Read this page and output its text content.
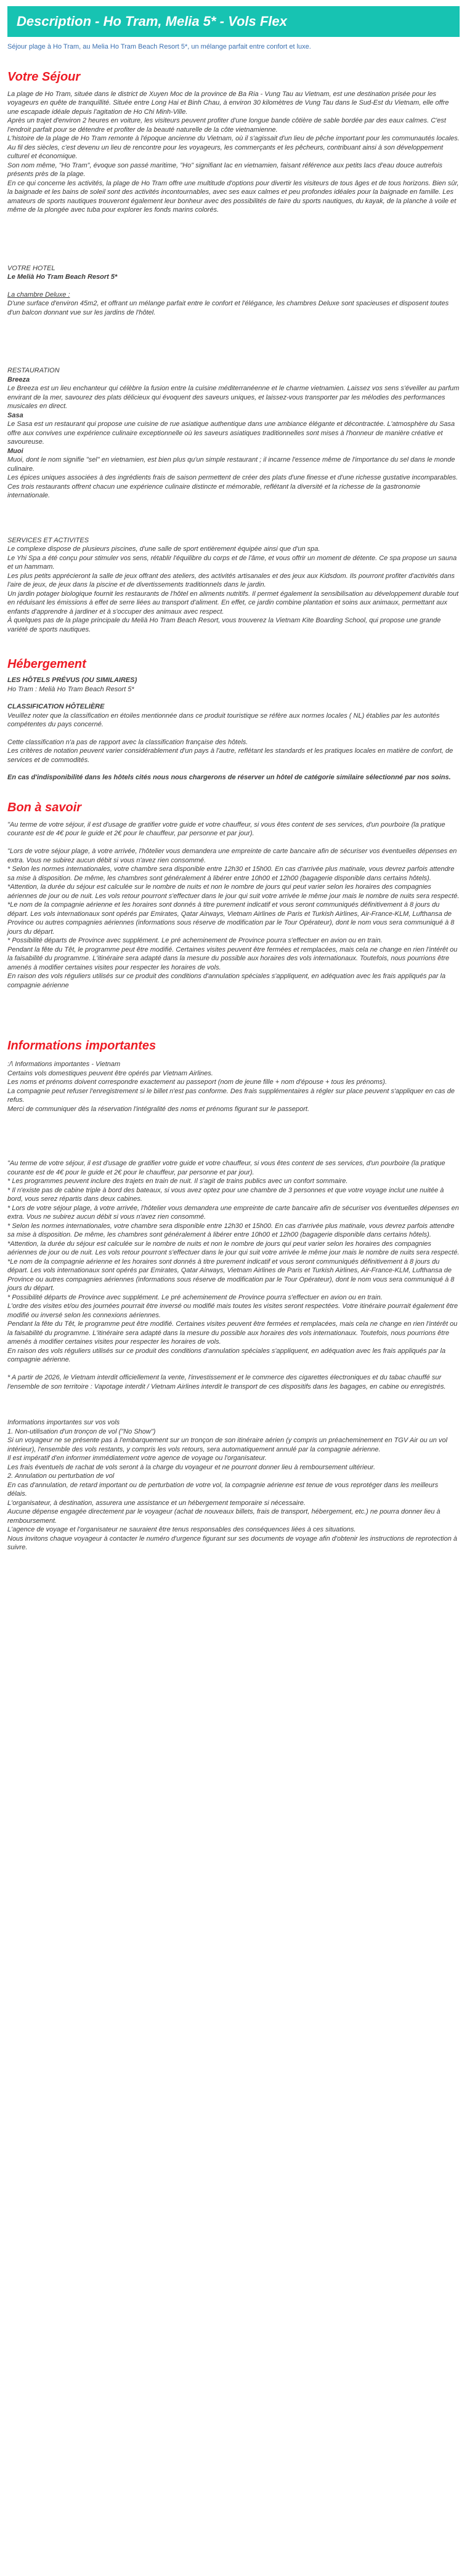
Description - Ho Tram, Melia 5* - Vols Flex

Séjour plage à Ho Tram, au Melia Ho Tram Beach Resort 5*, un mélange parfait entre confort et luxe.

Votre Séjour

La plage de Ho Tram, située dans le district de Xuyen Moc de la province de Ba Ria - Vung Tau au Vietnam, est une destination prisée pour les voyageurs en quête de tranquillité. Située entre Long Hai et Binh Chau, à environ 30 kilomètres de Vung Tau dans le Sud-Est du Vietnam, elle offre une escapade idéale depuis l'agitation de Ho Chi Minh-Ville.

Après un trajet d'environ 2 heures en voiture, les visiteurs peuvent profiter d'une longue bande côtière de sable bordée par des eaux calmes. C'est l'endroit parfait pour se détendre et profiter de la beauté naturelle de la côte vietnamienne.

L'histoire de la plage de Ho Tram remonte à l'époque ancienne du Vietnam, où il s'agissait d'un lieu de pêche important pour les communautés locales. Au fil des siècles, c'est devenu un lieu de rencontre pour les voyageurs, les commerçants et les pêcheurs, contribuant ainsi à son développement culturel et économique.

Son nom même, "Ho Tram", évoque son passé maritime, "Ho" signifiant lac en vietnamien, faisant référence aux petits lacs d'eau douce autrefois présents près de la plage.

En ce qui concerne les activités, la plage de Ho Tram offre une multitude d'options pour divertir les visiteurs de tous âges et de tous horizons. Bien sûr, la baignade et les bains de soleil sont des activités incontournables, avec ses eaux calmes et peu profondes idéales pour la baignade en famille. Les amateurs de sports nautiques trouveront également leur bonheur avec des possibilités de faire du sports nautiques, du kayak, de la planche à voile et même de la plongée avec tuba pour explorer les fonds marins colorés.

VOTRE HOTEL

Le Melià Ho Tram Beach Resort 5*

La chambre Deluxe :

D'une surface d'environ 45m2, et offrant un mélange parfait entre le confort et l'élégance, les chambres Deluxe sont spacieuses et disposent toutes d'un balcon donnant vue sur les jardins de l'hôtel.

RESTAURATION

Breeza

Le Breeza est un lieu enchanteur qui célèbre la fusion entre la cuisine méditerranéenne et le charme vietnamien. Laissez vos sens s'éveiller au parfum envirant de la mer, savourez des plats délicieux qui évoquent des saveurs uniques, et laissez-vous transporter par les mélodies des performances musicales en direct.

Sasa

Le Sasa est un restaurant qui propose une cuisine de rue asiatique authentique dans une ambiance élégante et décontractée. L'atmosphère du Sasa offre aux convives une expérience culinaire exceptionnelle où les saveurs asiatiques traditionnelles sont mises à l'honneur de manière créative et savoureuse.

Muoi

Muoi, dont le nom signifie "sel" en vietnamien, est bien plus qu'un simple restaurant ; il incarne l'essence même de l'importance du sel dans le monde culinaire.
Les épices uniques associées à des ingrédients frais de saison permettent de créer des plats d'une finesse et d'une richesse gustative incomparables.
Ces trois restaurants offrent chacun une expérience culinaire distincte et mémorable, reflétant la diversité et la richesse de la gastronomie internationale.

SERVICES ET ACTIVITES

Le complexe dispose de plusieurs piscines, d'une salle de sport entièrement équipée ainsi que d'un spa.
Le Yhi Spa a été conçu pour stimuler vos sens, rétablir l'équilibre du corps et de l'âme, et vous offrir un moment de détente. Ce spa propose un sauna et un hammam.
Les plus petits apprécieront la salle de jeux offrant des ateliers, des activités artisanales et des jeux aux Kidsdom. Ils pourront profiter d'activités dans l'aire de jeux, de jeux dans la piscine et de divertissements traditionnels dans le jardin.
Un jardin potager biologique fournit les restaurants de l'hôtel en aliments nutritifs. Il permet également la sensibilisation au développement durable tout en réduisant les émissions à effet de serre liées au transport d'aliment. En effet, ce jardin combine plantation et soins aux animaux, permettant aux enfants d'apprendre à jardiner et à s'occuper des animaux avec respect.
À quelques pas de la plage principale du Melià Ho Tram Beach Resort, vous trouverez la Vietnam Kite Boarding School, qui propose une grande variété de sports nautiques.

Hébergement

LES HÔTELS PRÉVUS (OU SIMILAIRES)

Ho Tram : Melià Ho Tram Beach Resort 5*

CLASSIFICATION HÔTELIÈRE

Veuillez noter que la classification en étoiles mentionnée dans ce produit touristique se réfère aux normes locales ( NL) établies par les autorités compétentes du pays concerné.

Cette classification n'a pas de rapport avec la classification française des hôtels.
Les critères de notation peuvent varier considérablement d'un pays à l'autre, reflétant les standards et les pratiques locales en matière de confort, de services et de commodités.

En cas d'indisponibilité dans les hôtels cités nous nous chargerons de réserver un hôtel de catégorie similaire sélectionné par nos soins.

Bon à savoir

"Au terme de votre séjour, il est d'usage de gratifier votre guide et votre chauffeur, si vous êtes content de ses services, d'un pourboire (la pratique courante est de 4€ pour le guide et 2€ pour le chauffeur, par personne et par jour).

"Lors de votre séjour plage, à votre arrivée, l'hôtelier vous demandera une empreinte de carte bancaire afin de sécuriser vos éventuelles dépenses en extra. Vous ne subirez aucun débit si vous n'avez rien consommé.
* Selon les normes internationales, votre chambre sera disponible entre 12h30 et 15h00. En cas d'arrivée plus matinale, vous devrez parfois attendre sa mise à disposition. De même, les chambres sont généralement à libérer entre 10h00 et 12h00 (bagagerie disponible dans certains hôtels).
*Attention, la durée du séjour est calculée sur le nombre de nuits et non le nombre de jours qui peut varier selon les horaires des compagnies aériennes de jour ou de nuit. Les vols retour pourront s'effectuer dans le jour qui suit votre arrivée le même jour mais le nombre de nuits sera respecté.
*Le nom de la compagnie aérienne et les horaires sont donnés à titre purement indicatif et vous seront communiqués définitivement à 8 jours du départ. Les vols internationaux sont opérés par Emirates, Qatar Airways, Vietnam Airlines de Paris et Turkish Airlines, Air-France-KLM, Lufthansa de Province ou autres compagnies aériennes (informations sous réserve de modification par le Tour Opérateur), dont le nom vous sera communiqué à 8 jours du départ.
* Possibilité départs de Province avec supplément. Le pré acheminement de Province pourra s'effectuer en avion ou en train.
Pendant la fête du Têt, le programme peut être modifié. Certaines visites peuvent être fermées et remplacées, mais cela ne change en rien l'intérêt ou la faisabilité du programme. L'itinéraire sera adapté dans la mesure du possible aux horaires des vols internationaux. Toutefois, nous pourrions être amenés à modifier certaines visites pour respecter les horaires de vols.
En raison des vols réguliers utilisés sur ce produit des conditions d'annulation spéciales s'appliquent, en adéquation avec les frais appliqués par la compagnie aérienne

Informations importantes

:/\ Informations importantes - Vietnam
Certains vols domestiques peuvent être opérés par Vietnam Airlines.
Les noms et prénoms doivent correspondre exactement au passeport (nom de jeune fille + nom d'épouse + tous les prénoms).
La compagnie peut refuser l'enregistrement si le billet n'est pas conforme. Des frais supplémentaires à régler sur place peuvent s'appliquer en cas de refus.
Merci de communiquer dès la réservation l'intégralité des noms et prénoms figurant sur le passeport.

"Au terme de votre séjour, il est d'usage de gratifier votre guide et votre chauffeur, si vous êtes content de ses services, d'un pourboire (la pratique courante est de 4€ pour le guide et 2€ pour le chauffeur, par personne et par jour).
* Les programmes peuvent inclure des trajets en train de nuit. Il s'agit de trains publics avec un confort sommaire.
* Il n'existe pas de cabine triple à bord des bateaux, si vous avez optez pour une chambre de 3 personnes et que votre voyage inclut une nuitée à bord, vous serez répartis dans deux cabines.
* Lors de votre séjour plage, à votre arrivée, l'hôtelier vous demandera une empreinte de carte bancaire afin de sécuriser vos éventuelles dépenses en extra. Vous ne subirez aucun débit si vous n'avez rien consommé.
* Selon les normes internationales, votre chambre sera disponible entre 12h30 et 15h00. En cas d'arrivée plus matinale, vous devrez parfois attendre sa mise à disposition. De même, les chambres sont généralement à libérer entre 10h00 et 12h00 (bagagerie disponible dans certains hôtels).
*Attention, la durée du séjour est calculée sur le nombre de nuits et non le nombre de jours qui peut varier selon les horaires des compagnies aériennes de jour ou de nuit. Les vols retour pourront s'effectuer dans le jour qui suit votre arrivée le même jour mais le nombre de nuits sera respecté.
*Le nom de la compagnie aérienne et les horaires sont donnés à titre purement indicatif et vous seront communiqués définitivement à 8 jours du départ. Les vols internationaux sont opérés par Emirates, Qatar Airways, Vietnam Airlines de Paris et Turkish Airlines, Air-France-KLM, Lufthansa de Province ou autres compagnies aériennes (informations sous réserve de modification par le Tour Opérateur), dont le nom vous sera communiqué à 8 jours du départ.
* Possibilité départs de Province avec supplément. Le pré acheminement de Province pourra s'effectuer en avion ou en train.
L'ordre des visites et/ou des journées pourrait être inversé ou modifié mais toutes les visites seront respectées. Votre itinéraire pourrait également être modifié ou inversé selon les connexions aériennes.
Pendant la fête du Têt, le programme peut être modifié. Certaines visites peuvent être fermées et remplacées, mais cela ne change en rien l'intérêt ou la faisabilité du programme. L'itinéraire sera adapté dans la mesure du possible aux horaires des vols internationaux. Toutefois, nous pourrions être amenés à modifier certaines visites pour respecter les horaires de vols.
En raison des vols réguliers utilisés sur ce produit des conditions d'annulation spéciales s'appliquent, en adéquation avec les frais appliqués par la compagnie aérienne.

* A partir de 2026, le Vietnam interdit officiellement la vente, l'investissement et le commerce des cigarettes électroniques et du tabac chauffé sur l'ensemble de son territoire : Vapotage interdit / Vietnam Airlines interdit le transport de ces dispositifs dans les bagages, en cabine ou enregistrés.

Informations importantes sur vos vols
1. Non-utilisation d'un tronçon de vol ("No Show")
Si un voyageur ne se présente pas à l'embarquement sur un tronçon de son itinéraire aérien (y compris un préacheminement en TGV Air ou un vol intérieur), l'ensemble des vols restants, y compris les vols retours, sera automatiquement annulé par la compagnie aérienne.
Il est impératif d'en informer immédiatement votre agence de voyage ou l'organisateur.
Les frais éventuels de rachat de vols seront à la charge du voyageur et ne pourront donner lieu à remboursement ultérieur.
2. Annulation ou perturbation de vol
En cas d'annulation, de retard important ou de perturbation de votre vol, la compagnie aérienne est tenue de vous reprotéger dans les meilleurs délais.
L'organisateur, à destination, assurera une assistance et un hébergement temporaire si nécessaire.
Aucune dépense engagée directement par le voyageur (achat de nouveaux billets, frais de transport, hébergement, etc.) ne pourra donner lieu à remboursement.
L'agence de voyage et l'organisateur ne sauraient être tenus responsables des conséquences liées à ces situations.
Nous invitons chaque voyageur à contacter le numéro d'urgence figurant sur ses documents de voyage afin d'obtenir les instructions de reprotection à suivre.
